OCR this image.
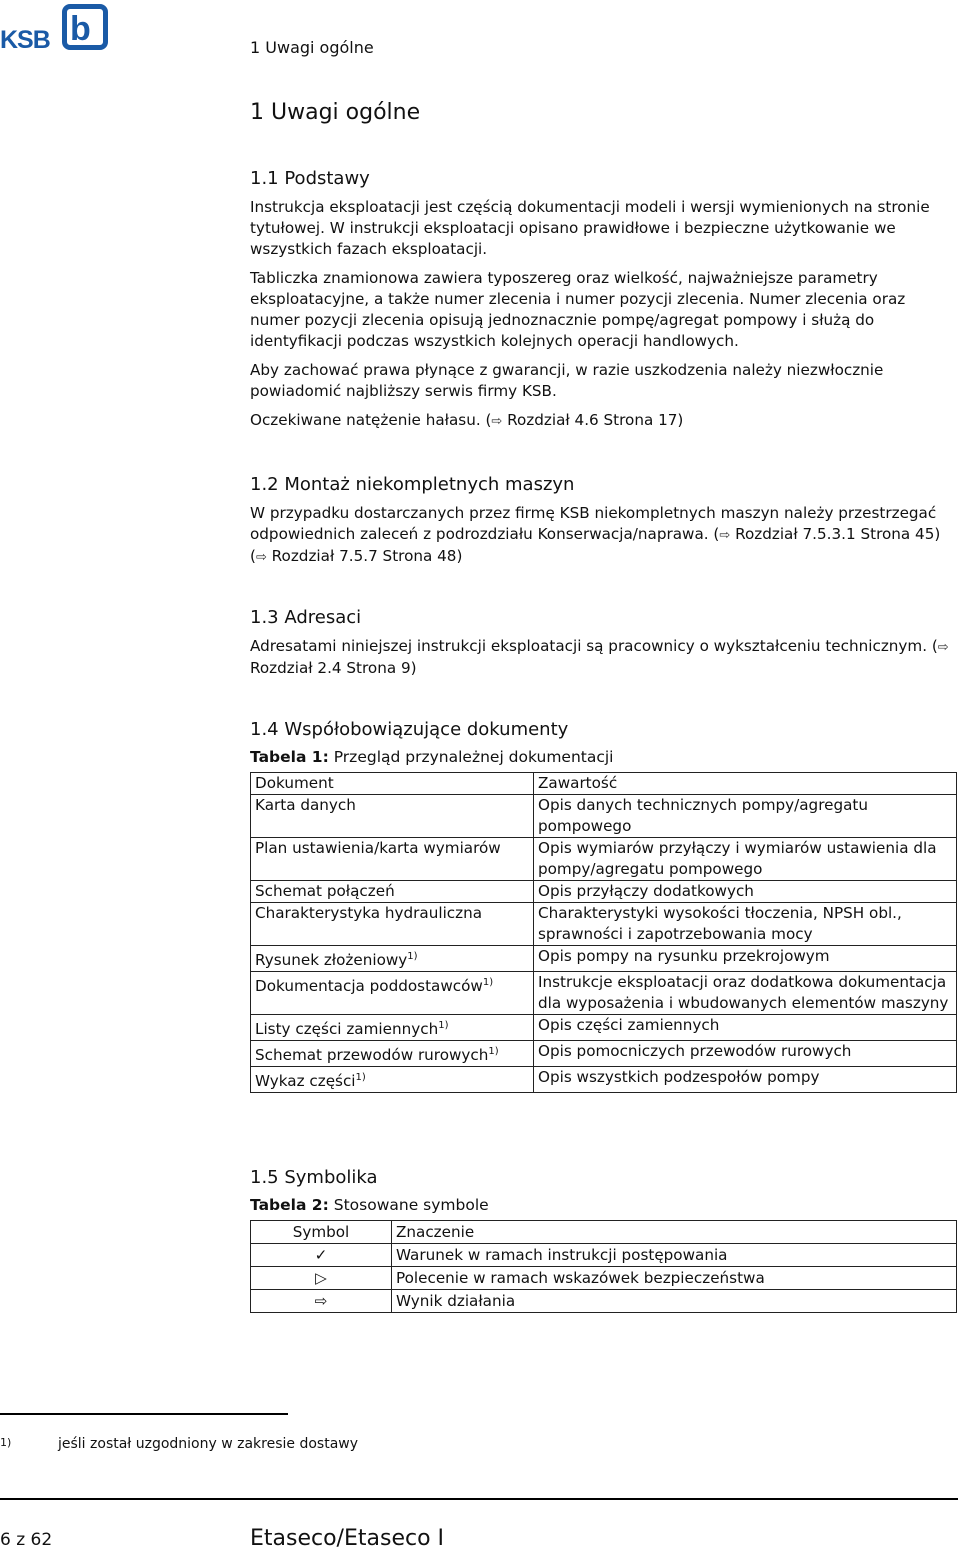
KSB b	1 Uwagi ogólne
1 Uwagi ogólne
1.1 Podstawy

Instrukcja eksploatacji jest częścią dokumentacji modeli i wersji wymienionych na stronie tytułowej. W instrukcji eksploatacji opisano prawidłowe i bezpieczne użytkowanie we wszystkich fazach eksploatacji.

Tabliczka znamionowa zawiera typoszereg oraz wielkość, najważniejsze parametry eksploatacyjne, a także numer zlecenia i numer pozycji zlecenia. Numer zlecenia oraz numer pozycji zlecenia opisują jednoznacznie pompę/agregat pompowy i służą do identyfikacji podczas wszystkich kolejnych operacji handlowych.

Aby zachować prawa płynące z gwarancji, w razie uszkodzenia należy niezwłocznie powiadomić najbliższy serwis firmy KSB.

Oczekiwane natężenie hałasu. (⇨ Rozdział 4.6 Strona 17)

1.2 Montaż niekompletnych maszyn

W przypadku dostarczanych przez firmę KSB niekompletnych maszyn należy przestrzegać odpowiednich zaleceń z podrozdziału Konserwacja/naprawa. (⇨ Rozdział 7.5.3.1 Strona 45) (⇨ Rozdział 7.5.7 Strona 48)

1.3 Adresaci

Adresatami niniejszej instrukcji eksploatacji są pracownicy o wykształceniu technicznym. (⇨ Rozdział 2.4 Strona 9)

1.4 Współobowiązujące dokumenty
Tabela 1: Przegląd przynależnej dokumentacji
Dokument	Zawartość
Karta danych	Opis danych technicznych pompy/agregatu pompowego
Plan ustawienia/karta wymiarów	Opis wymiarów przyłączy i wymiarów ustawienia dla pompy/agregatu pompowego
Schemat połączeń	Opis przyłączy dodatkowych
Charakterystyka hydrauliczna	Charakterystyki wysokości tłoczenia, NPSH obl., sprawności i zapotrzebowania mocy
Rysunek złożeniowy$^{1)}$	Opis pompy na rysunku przekrojowym
Dokumentacja poddostawców$^{1)}$	Instrukcje eksploatacji oraz dodatkowa dokumentacja dla wyposażenia i wbudowanych elementów maszyny
Listy części zamiennych$^{1)}$	Opis części zamiennych
Schemat przewodów rurowych$^{1)}$	Opis pomocniczych przewodów rurowych
Wykaz części$^{1)}$	Opis wszystkich podzespołów pompy
1.5 Symbolika
Tabela 2: Stosowane symbole
Symbol	Znaczenie
✓	Warunek w ramach instrukcji postępowania
▷	Polecenie w ramach wskazówek bezpieczeństwa
⇨	Wynik działania
1)	jeśli został uzgodniony w zakresie dostawy
6 z 62	Etaseco/Etaseco I
